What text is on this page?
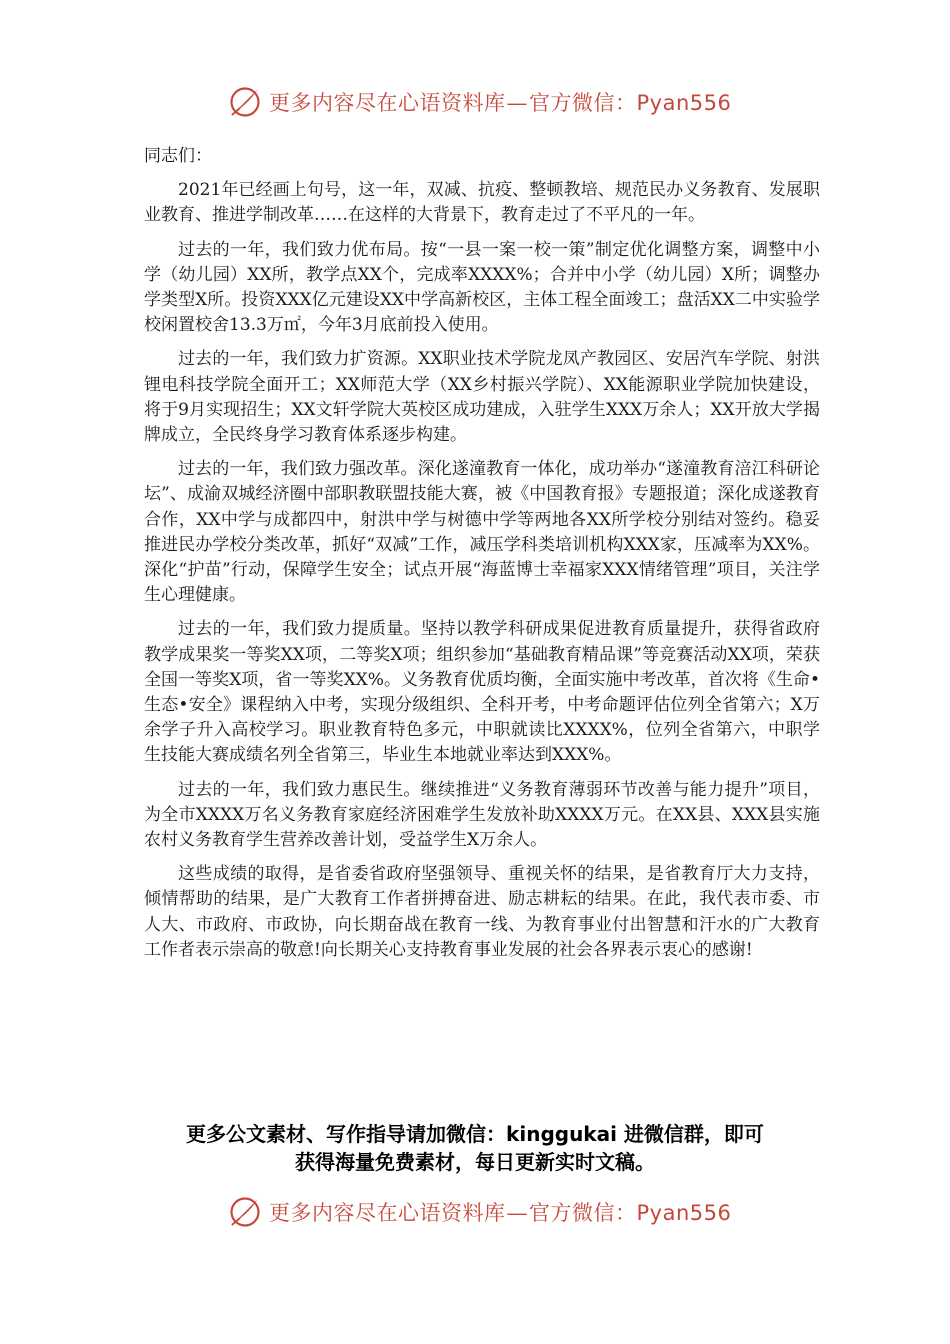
更多内容尽在心语资料库—官方微信：Pyan556

同志们：

2021年已经画上句号，这一年，双减、抗疫、整顿教培、规范民办义务教育、发展职业教育、推进学制改革……在这样的大背景下，教育走过了不平凡的一年。

过去的一年，我们致力优布局。按“一县一案一校一策”制定优化调整方案，调整中小学（幼儿园）XX所，教学点XX个，完成率XXXX%；合并中小学（幼儿园）X所；调整办学类型X所。投资XXX亿元建设XX中学高新校区，主体工程全面竣工；盘活XX二中实验学校闲置校舍13.3万㎡，今年3月底前投入使用。

过去的一年，我们致力扩资源。XX职业技术学院龙凤产教园区、安居汽车学院、射洪锂电科技学院全面开工；XX师范大学（XX乡村振兴学院）、XX能源职业学院加快建设，将于9月实现招生；XX文轩学院大英校区成功建成，入驻学生XXX万余人；XX开放大学揭牌成立，全民终身学习教育体系逐步构建。

过去的一年，我们致力强改革。深化遂潼教育一体化，成功举办“遂潼教育涪江科研论坛”、成渝双城经济圈中部职教联盟技能大赛，被《中国教育报》专题报道；深化成遂教育合作，XX中学与成都四中，射洪中学与树德中学等两地各XX所学校分别结对签约。稳妥推进民办学校分类改革，抓好“双减”工作，减压学科类培训机构XXX家，压减率为XX%。深化“护苗”行动，保障学生安全；试点开展“海蓝博士幸福家XXX情绪管理”项目，关注学生心理健康。

过去的一年，我们致力提质量。坚持以教学科研成果促进教育质量提升，获得省政府教学成果奖一等奖XX项，二等奖X项；组织参加“基础教育精品课”等竞赛活动XX项，荣获全国一等奖X项，省一等奖XX%。义务教育优质均衡，全面实施中考改革，首次将《生命•生态•安全》课程纳入中考，实现分级组织、全科开考，中考命题评估位列全省第六；X万余学子升入高校学习。职业教育特色多元，中职就读比XXXX%，位列全省第六，中职学生技能大赛成绩名列全省第三，毕业生本地就业率达到XXX%。

过去的一年，我们致力惠民生。继续推进“义务教育薄弱环节改善与能力提升”项目，为全市XXXX万名义务教育家庭经济困难学生发放补助XXXX万元。在XX县、XXX县实施农村义务教育学生营养改善计划，受益学生X万余人。

这些成绩的取得，是省委省政府坚强领导、重视关怀的结果，是省教育厅大力支持，倾情帮助的结果，是广大教育工作者拼搏奋进、励志耕耘的结果。在此，我代表市委、市人大、市政府、市政协，向长期奋战在教育一线、为教育事业付出智慧和汗水的广大教育工作者表示崇高的敬意!向长期关心支持教育事业发展的社会各界表示衷心的感谢!

更多公文素材、写作指导请加微信：kinggukai 进微信群，即可
获得海量免费素材，每日更新实时文稿。
更多内容尽在心语资料库—官方微信：Pyan556
